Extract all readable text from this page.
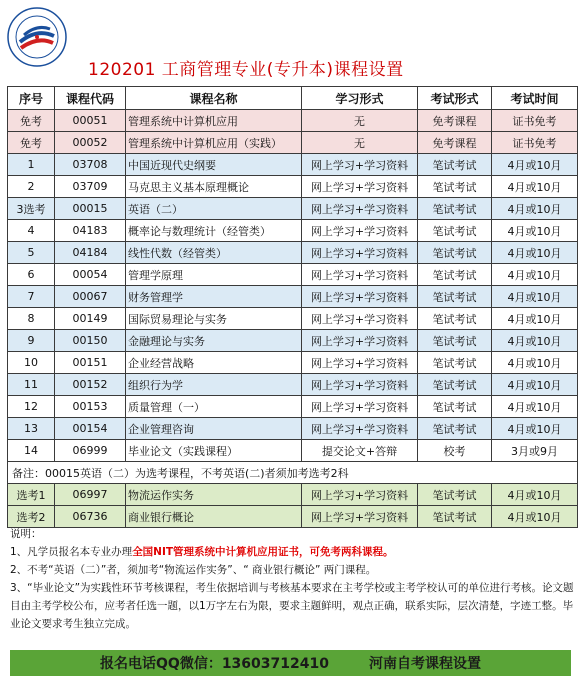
120201 工商管理专业(专升本)课程设置
序号	课程代码	课程名称	学习形式	考试形式	考试时间
免考	00051	管理系统中计算机应用	无	免考课程	证书免考
免考	00052	管理系统中计算机应用（实践）	无	免考课程	证书免考
1	03708	中国近现代史纲要	网上学习+学习资料	笔试考试	4月或10月
2	03709	马克思主义基本原理概论	网上学习+学习资料	笔试考试	4月或10月
3选考	00015	英语（二）	网上学习+学习资料	笔试考试	4月或10月
4	04183	概率论与数理统计（经管类）	网上学习+学习资料	笔试考试	4月或10月
5	04184	线性代数（经管类）	网上学习+学习资料	笔试考试	4月或10月
6	00054	管理学原理	网上学习+学习资料	笔试考试	4月或10月
7	00067	财务管理学	网上学习+学习资料	笔试考试	4月或10月
8	00149	国际贸易理论与实务	网上学习+学习资料	笔试考试	4月或10月
9	00150	金融理论与实务	网上学习+学习资料	笔试考试	4月或10月
10	00151	企业经营战略	网上学习+学习资料	笔试考试	4月或10月
11	00152	组织行为学	网上学习+学习资料	笔试考试	4月或10月
12	00153	质量管理（一）	网上学习+学习资料	笔试考试	4月或10月
13	00154	企业管理咨询	网上学习+学习资料	笔试考试	4月或10月
14	06999	毕业论文（实践课程）	提交论文+答辩	校考	3月或9月
备注：00015英语（二）为选考课程，不考英语(二)者须加考选考2科					
选考1	06997	物流运作实务	网上学习+学习资料	笔试考试	4月或10月
选考2	06736	商业银行概论	网上学习+学习资料	笔试考试	4月或10月

说明：

1、凡学员报名本专业办理全国NIT管理系统中计算机应用证书，可免考两科课程。

2、不考“英语（二）”者，须加考“物流运作实务”、“ 商业银行概论” 两门课程。

3、“毕业论文”为实践性环节考核课程，考生依据培训与考核基本要求在主考学校或主考学校认可的单位进行考核。论文题目由主考学校公布，应考者任选一题，以1万字左右为限，要求主题鲜明，观点正确，联系实际，层次清楚，字迹工整。毕业论文要求考生独立完成。

报名电话QQ微信：13603712410	河南自考课程设置
